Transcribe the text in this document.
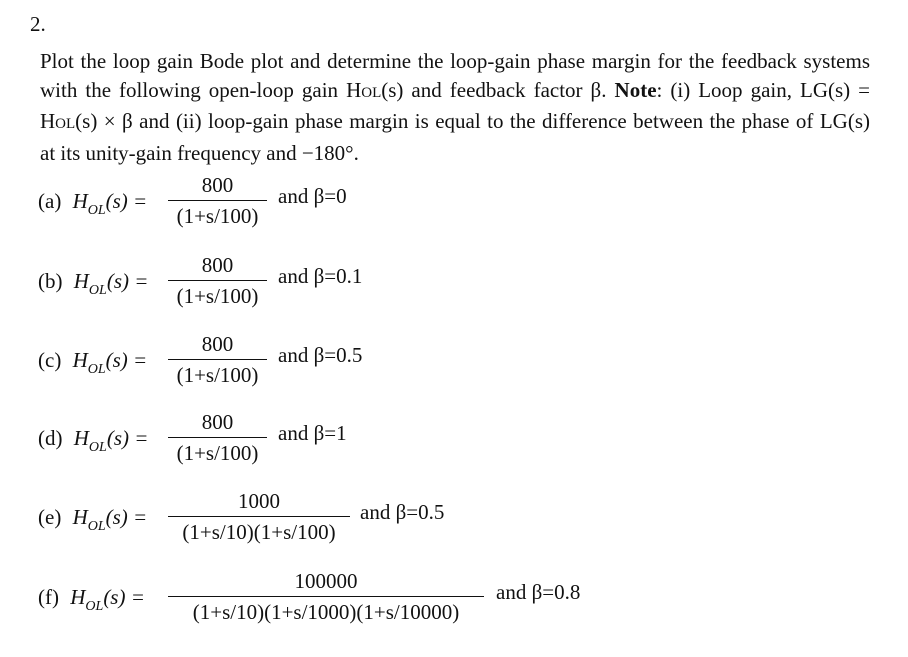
2.
Plot the loop gain Bode plot and determine the loop-gain phase margin for the feedback systems with the following open-loop gain HOL(s) and feedback factor β. Note: (i) Loop gain, LG(s) = HOL(s) × β and (ii) loop-gain phase margin is equal to the difference between the phase of LG(s) at its unity-gain frequency and −180°.
(a) $H_{OL}(s)$ =
800
(1+s/100)
and β=0
(b) $H_{OL}(s)$ =
800
(1+s/100)
and β=0.1
(c) $H_{OL}(s)$ =
800
(1+s/100)
and β=0.5
(d) $H_{OL}(s)$ =
800
(1+s/100)
and β=1
(e) $H_{OL}(s)$ =
1000
(1+s/10)(1+s/100)
and β=0.5
(f) $H_{OL}(s)$ =
100000
(1+s/10)(1+s/1000)(1+s/10000)
and β=0.8
